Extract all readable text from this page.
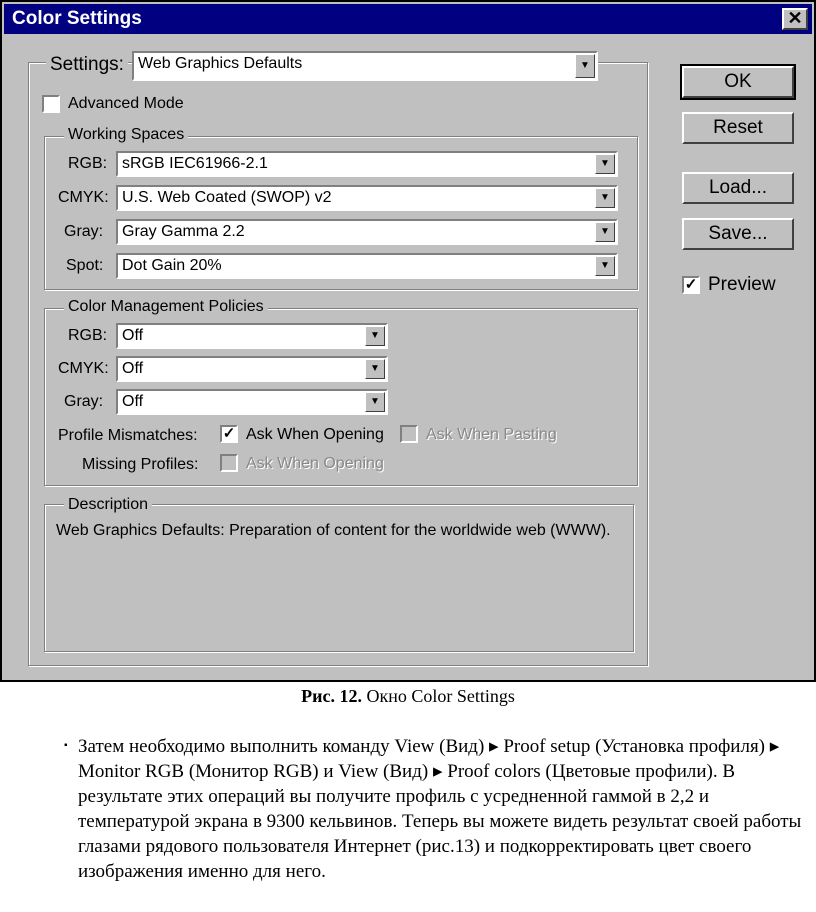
Color Settings	✕
Settings: Web Graphics Defaults	▼
Advanced Mode
Working Spaces
RGB: sRGB IEC61966-2.1	▼
CMYK: U.S. Web Coated (SWOP) v2	▼
Gray: Gray Gamma 2.2	▼
Spot: Dot Gain 20%	▼
Color Management Policies
RGB: Off	▼
CMYK: Off	▼
Gray: Off	▼
Profile Mismatches: ✓ Ask When Opening	Ask When Pasting
Missing Profiles:	Ask When Opening
Description
Web Graphics Defaults: Preparation of content for the worldwide web (WWW).
OK
Reset
Load...
Save...
✓ Preview
Рис. 12. Окно Color Settings
▪ Затем необходимо выполнить команду View (Вид) ▸ Proof setup (Установка профиля) ▸ Monitor RGB (Монитор RGB) и View (Вид) ▸ Proof colors (Цветовые профили). В результате этих операций вы получите профиль с усредненной гаммой в 2,2 и температурой экрана в 9300 кельвинов. Теперь вы можете видеть результат своей работы глазами рядового пользователя Интернет (рис.13) и подкорректировать цвет своего изображения именно для него.
